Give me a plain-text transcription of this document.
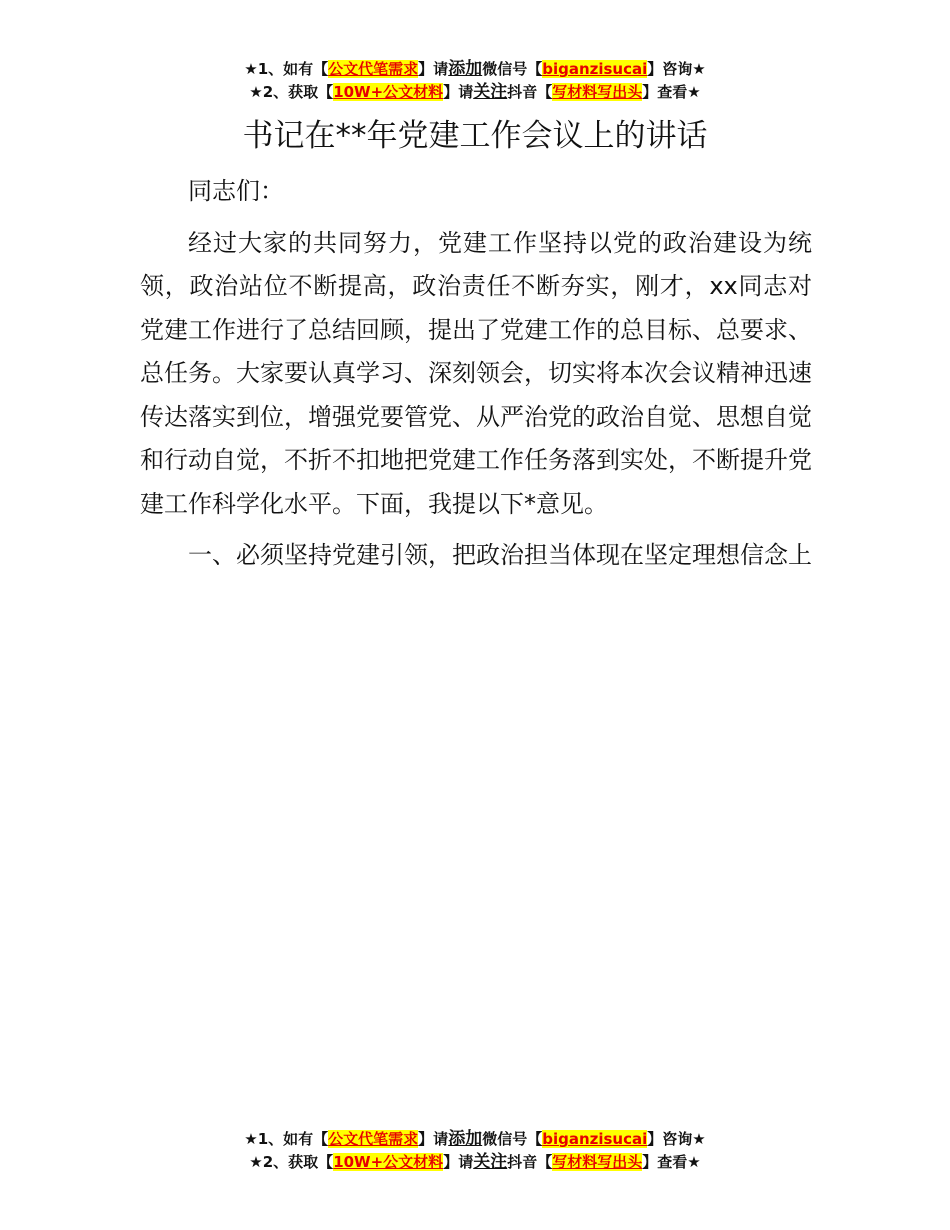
★1、如有【公文代笔需求】请添加微信号【biganzisucai】咨询★
★2、获取【10W+公文材料】请关注抖音【写材料写出头】查看★
书记在**年党建工作会议上的讲话

同志们：

经过大家的共同努力，党建工作坚持以党的政治建设为统领，政治站位不断提高，政治责任不断夯实，刚才，xx同志对党建工作进行了总结回顾，提出了党建工作的总目标、总要求、总任务。大家要认真学习、深刻领会，切实将本次会议精神迅速传达落实到位，增强党要管党、从严治党的政治自觉、思想自觉和行动自觉，不折不扣地把党建工作任务落到实处，不断提升党建工作科学化水平。下面，我提以下*意见。

一、必须坚持党建引领，把政治担当体现在坚定理想信念上

★1、如有【公文代笔需求】请添加微信号【biganzisucai】咨询★
★2、获取【10W+公文材料】请关注抖音【写材料写出头】查看★
